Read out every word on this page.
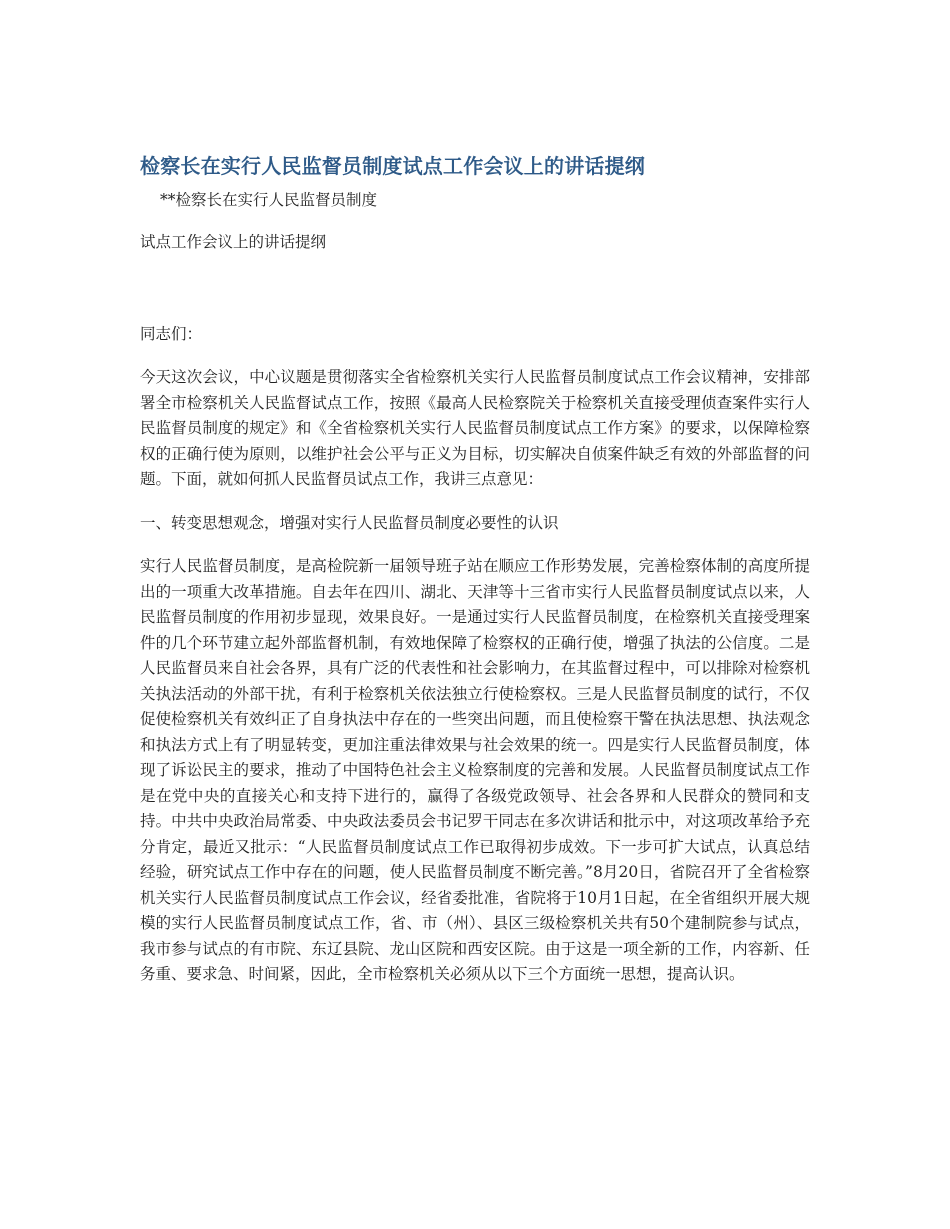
检察长在实行人民监督员制度试点工作会议上的讲话提纲

**检察长在实行人民监督员制度

试点工作会议上的讲话提纲

同志们：

今天这次会议，中心议题是贯彻落实全省检察机关实行人民监督员制度试点工作会议精神，安排部署全市检察机关人民监督试点工作，按照《最高人民检察院关于检察机关直接受理侦查案件实行人民监督员制度的规定》和《全省检察机关实行人民监督员制度试点工作方案》的要求，以保障检察权的正确行使为原则，以维护社会公平与正义为目标，切实解决自侦案件缺乏有效的外部监督的问题。下面，就如何抓人民监督员试点工作，我讲三点意见：

一、转变思想观念，增强对实行人民监督员制度必要性的认识

实行人民监督员制度，是高检院新一届领导班子站在顺应工作形势发展，完善检察体制的高度所提出的一项重大改革措施。自去年在四川、湖北、天津等十三省市实行人民监督员制度试点以来，人民监督员制度的作用初步显现，效果良好。一是通过实行人民监督员制度，在检察机关直接受理案件的几个环节建立起外部监督机制，有效地保障了检察权的正确行使，增强了执法的公信度。二是人民监督员来自社会各界，具有广泛的代表性和社会影响力，在其监督过程中，可以排除对检察机关执法活动的外部干扰，有利于检察机关依法独立行使检察权。三是人民监督员制度的试行，不仅促使检察机关有效纠正了自身执法中存在的一些突出问题，而且使检察干警在执法思想、执法观念和执法方式上有了明显转变，更加注重法律效果与社会效果的统一。四是实行人民监督员制度，体现了诉讼民主的要求，推动了中国特色社会主义检察制度的完善和发展。人民监督员制度试点工作是在党中央的直接关心和支持下进行的，赢得了各级党政领导、社会各界和人民群众的赞同和支持。中共中央政治局常委、中央政法委员会书记罗干同志在多次讲话和批示中，对这项改革给予充分肯定，最近又批示：“人民监督员制度试点工作已取得初步成效。下一步可扩大试点，认真总结经验，研究试点工作中存在的问题，使人民监督员制度不断完善。”8月20日，省院召开了全省检察机关实行人民监督员制度试点工作会议，经省委批准，省院将于10月1日起，在全省组织开展大规模的实行人民监督员制度试点工作，省、市（州）、县区三级检察机关共有50个建制院参与试点，我市参与试点的有市院、东辽县院、龙山区院和西安区院。由于这是一项全新的工作，内容新、任务重、要求急、时间紧，因此，全市检察机关必须从以下三个方面统一思想，提高认识。
